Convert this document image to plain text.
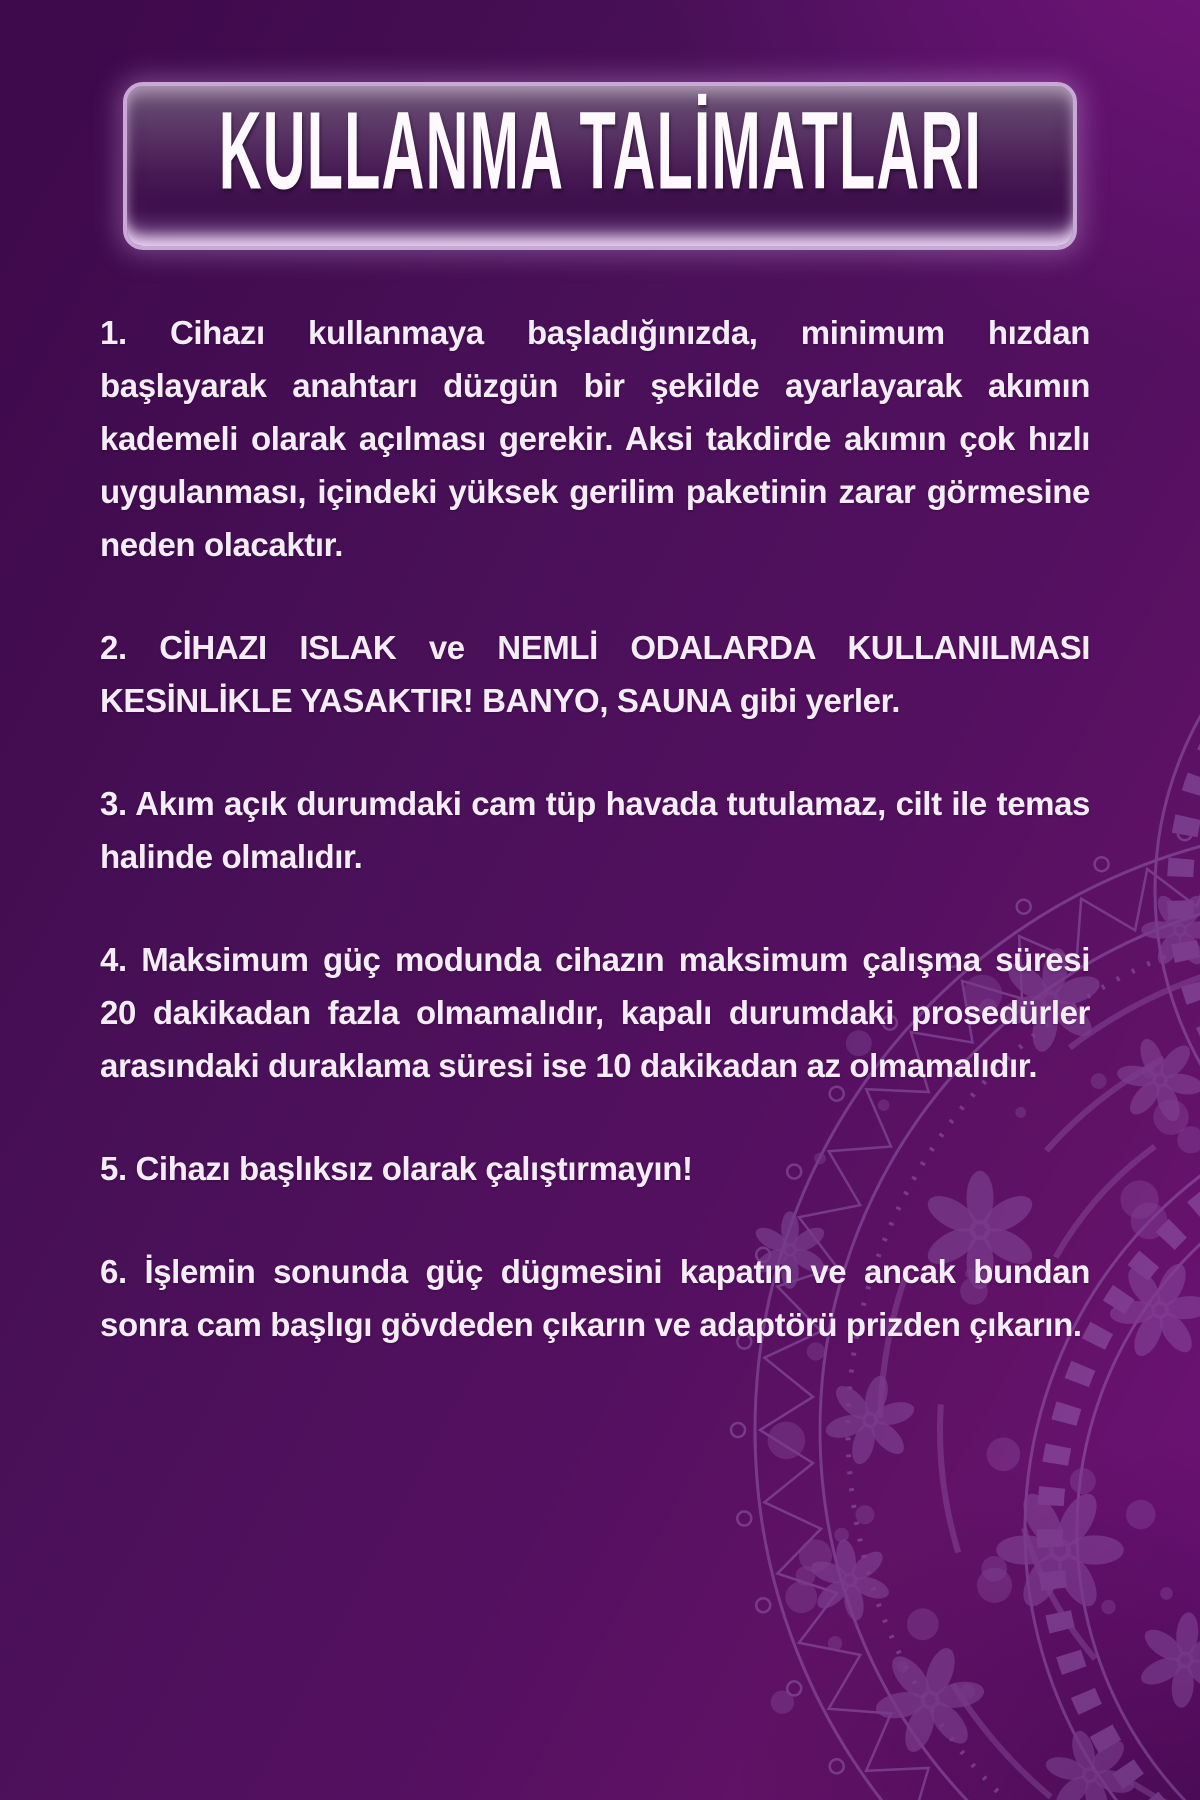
KULLANMA TALİMATLARI

1. Cihazı kullanmaya başladığınızda, minimum hızdan başlayarak anahtarı düzgün bir şekilde ayarlayarak akımın kademeli olarak açılması gerekir. Aksi takdirde akımın çok hızlı uygulanması, içindeki yüksek gerilim paketinin zarar görmesine neden olacaktır.

2. CİHAZI ISLAK ve NEMLİ ODALARDA KULLANILMASI KESİNLİKLE YASAKTIR! BANYO, SAUNA gibi yerler.

3. Akım açık durumdaki cam tüp havada tutulamaz, cilt ile temas halinde olmalıdır.

4. Maksimum güç modunda cihazın maksimum çalışma süresi 20 dakikadan fazla olmamalıdır, kapalı durumdaki prosedürler arasındaki duraklama süresi ise 10 dakikadan az olmamalıdır.

5. Cihazı başlıksız olarak çalıştırmayın!

6. İşlemin sonunda güç dügmesini kapatın ve ancak bundan sonra cam başlıgı gövdeden çıkarın ve adaptörü prizden çıkarın.
